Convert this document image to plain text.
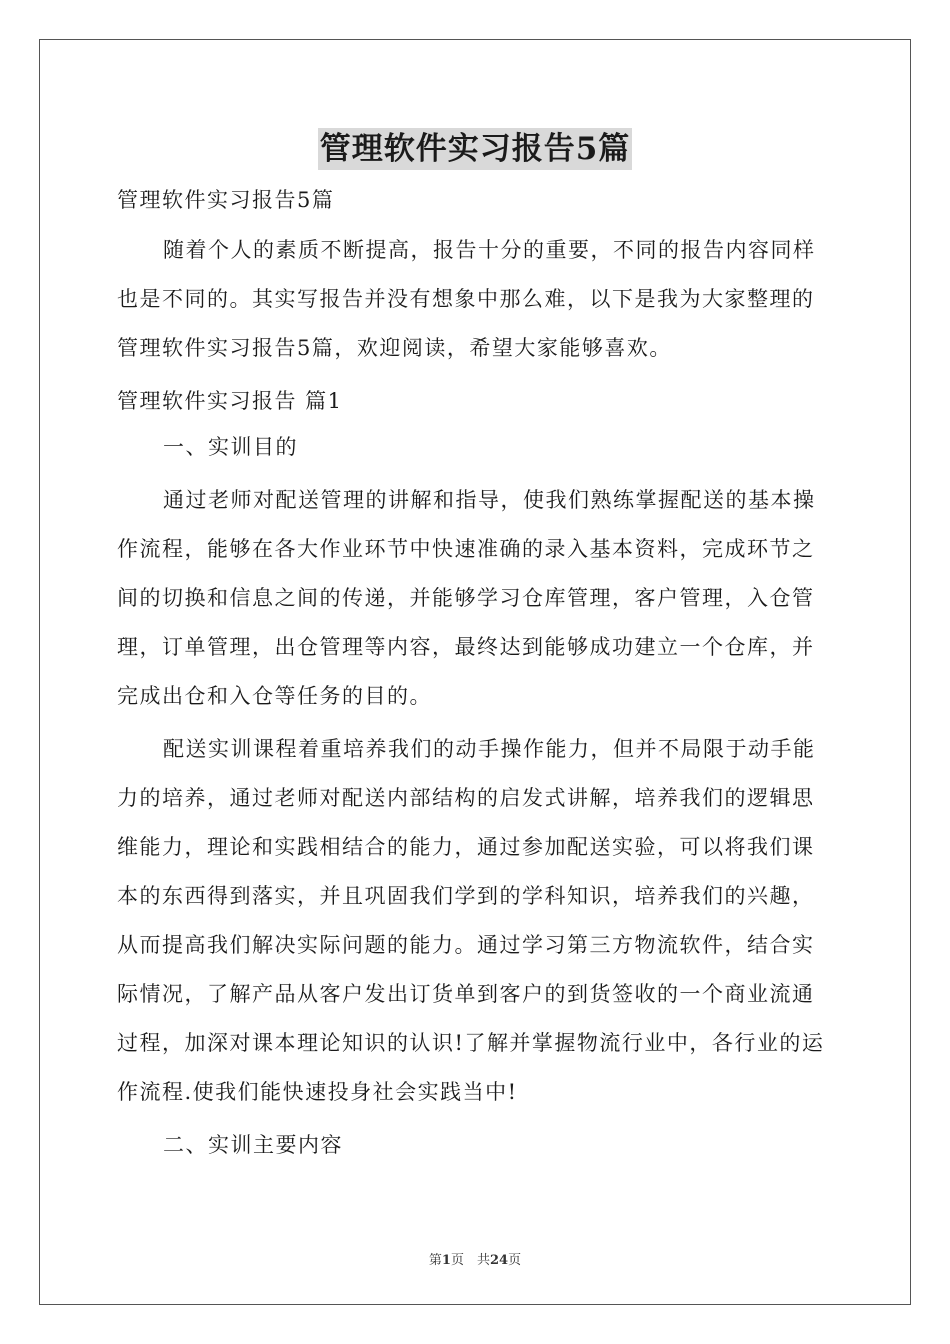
管理软件实习报告5篇

管理软件实习报告5篇

随着个人的素质不断提高，报告十分的重要，不同的报告内容同样也是不同的。其实写报告并没有想象中那么难，以下是我为大家整理的管理软件实习报告5篇，欢迎阅读，希望大家能够喜欢。

管理软件实习报告 篇1

一、实训目的

通过老师对配送管理的讲解和指导，使我们熟练掌握配送的基本操作流程，能够在各大作业环节中快速准确的录入基本资料，完成环节之间的切换和信息之间的传递，并能够学习仓库管理，客户管理，入仓管理，订单管理，出仓管理等内容，最终达到能够成功建立一个仓库，并完成出仓和入仓等任务的目的。

配送实训课程着重培养我们的动手操作能力，但并不局限于动手能力的培养，通过老师对配送内部结构的启发式讲解，培养我们的逻辑思维能力，理论和实践相结合的能力，通过参加配送实验，可以将我们课本的东西得到落实，并且巩固我们学到的学科知识，培养我们的兴趣，从而提高我们解决实际问题的能力。通过学习第三方物流软件，结合实际情况，了解产品从客户发出订货单到客户的到货签收的一个商业流通过程，加深对课本理论知识的认识!了解并掌握物流行业中，各行业的运作流程.使我们能快速投身社会实践当中!

二、实训主要内容

第1页　共24页
